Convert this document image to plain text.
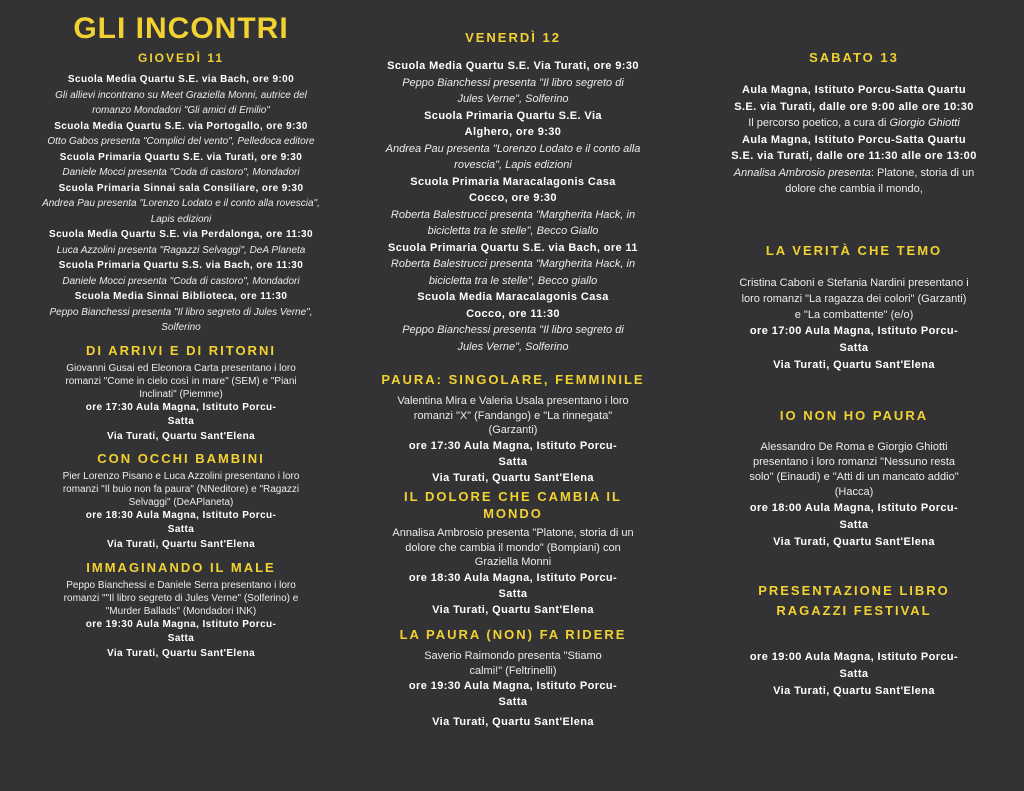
GLI INCONTRI
GIOVEDÌ 11
Scuola Media Quartu S.E. via Bach, ore 9:00
Gli allievi incontrano su Meet Graziella Monni, autrice del romanzo Mondadori "Gli amici di Emilio"
Scuola Media Quartu S.E. via Portogallo, ore 9:30
Otto Gabos presenta "Complici del vento", Pelledoca editore
Scuola Primaria Quartu S.E. via Turati, ore 9:30
Daniele Mocci presenta "Coda di castoro", Mondadori
Scuola Primaria Sinnai sala Consiliare, ore 9:30
Andrea Pau presenta "Lorenzo Lodato e il conto alla rovescia", Lapis edizioni
Scuola Media Quartu S.E. via Perdalonga, ore 11:30
Luca Azzolini presenta "Ragazzi Selvaggi", DeA Planeta
Scuola Primaria Quartu S.S. via Bach, ore 11:30
Daniele Mocci presenta "Coda di castoro", Mondadori
Scuola Media Sinnai Biblioteca, ore 11:30
Peppo Bianchessi presenta "Il libro segreto di Jules Verne", Solferino
DI ARRIVI E DI RITORNI
Giovanni Gusai ed Eleonora Carta presentano i loro romanzi "Come in cielo così in mare" (SEM) e "Piani Inclinati" (Piemme)
ore 17:30 Aula Magna, Istituto Porcu-Satta
Via Turati, Quartu Sant'Elena
CON OCCHI BAMBINI
Pier Lorenzo Pisano e Luca Azzolini presentano i loro romanzi "Il buio non fa paura" (NNeditore) e "Ragazzi Selvaggi" (DeAPlaneta)
ore 18:30 Aula Magna, Istituto Porcu-Satta
Via Turati, Quartu Sant'Elena
IMMAGINANDO IL MALE
Peppo Bianchessi e Daniele Serra presentano i loro romanzi ""Il libro segreto di Jules Verne" (Solferino) e "Murder Ballads" (Mondadori INK)
ore 19:30 Aula Magna, Istituto Porcu-Satta
Via Turati, Quartu Sant'Elena
VENERDÌ 12
Scuola Media Quartu S.E. Via Turati, ore 9:30
Peppo Bianchessi presenta "Il libro segreto di Jules Verne", Solferino
Scuola Primaria Quartu S.E. Via Alghero, ore 9:30
Andrea Pau presenta "Lorenzo Lodato e il conto alla rovescia", Lapis edizioni
Scuola Primaria Maracalagonis Casa Cocco, ore 9:30
Roberta Balestrucci presenta "Margherita Hack, in bicicletta tra le stelle", Becco Giallo
Scuola Primaria Quartu S.E. via Bach, ore 11
Roberta Balestrucci presenta "Margherita Hack, in bicicletta tra le stelle", Becco giallo
Scuola Media Maracalagonis Casa Cocco, ore 11:30
Peppo Bianchessi presenta "Il libro segreto di Jules Verne", Solferino
PAURA: SINGOLARE, FEMMINILE
Valentina Mira e Valeria Usala presentano i loro romanzi "X" (Fandango) e "La rinnegata" (Garzanti)
ore 17:30 Aula Magna, Istituto Porcu-Satta
Via Turati, Quartu Sant'Elena
IL DOLORE CHE CAMBIA IL MONDO
Annalisa Ambrosio presenta "Platone, storia di un dolore che cambia il mondo" (Bompiani) con Graziella Monni
ore 18:30 Aula Magna, Istituto Porcu-Satta
Via Turati, Quartu Sant'Elena
LA PAURA (NON) FA RIDERE
Saverio Raimondo presenta "Stiamo calmi!" (Feltrinelli)
ore 19:30 Aula Magna, Istituto Porcu-Satta
Via Turati, Quartu Sant'Elena
SABATO 13
Aula Magna, Istituto Porcu-Satta Quartu S.E. via Turati, dalle ore 9:00 alle ore 10:30
Il percorso poetico, a cura di Giorgio Ghiotti
Aula Magna, Istituto Porcu-Satta Quartu S.E. via Turati, dalle ore 11:30 alle ore 13:00
Annalisa Ambrosio presenta: Platone, storia di un dolore che cambia il mondo,
LA VERITÀ CHE TEMO
Cristina Caboni e Stefania Nardini presentano i loro romanzi "La ragazza dei colori" (Garzanti) e "La combattente" (e/o)
ore 17:00 Aula Magna, Istituto Porcu-Satta
Via Turati, Quartu Sant'Elena
IO NON HO PAURA
Alessandro De Roma e Giorgio Ghiotti presentano i loro romanzi "Nessuno resta solo" (Einaudi) e "Atti di un mancato addio" (Hacca)
ore 18:00 Aula Magna, Istituto Porcu-Satta
Via Turati, Quartu Sant'Elena
PRESENTAZIONE LIBRO RAGAZZI FESTIVAL
ore 19:00 Aula Magna, Istituto Porcu-Satta
Via Turati, Quartu Sant'Elena
